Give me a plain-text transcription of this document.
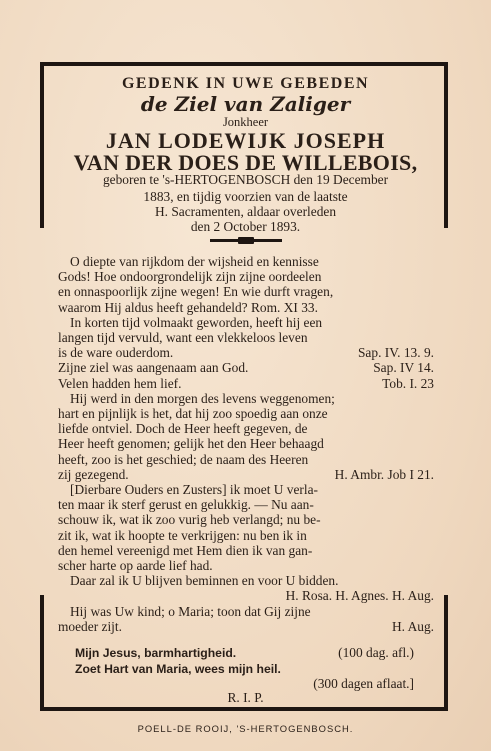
GEDENK IN UWE GEBEDEN
de Ziel van Zaliger
Jonkheer
JAN LODEWIJK JOSEPH
VAN DER DOES DE WILLEBOIS,
geboren te 's-HERTOGENBOSCH den 19 December
1883, en tijdig voorzien van de laatste
H. Sacramenten, aldaar overleden
den 2 October 1893.
O diepte van rijkdom der wijsheid en kennisse
Gods! Hoe ondoorgrondelijk zijn zijne oordeelen
en onnaspoorlijk zijne wegen! En wie durft vragen,
waarom Hij aldus heeft gehandeld? Rom. XI 33.
In korten tijd volmaakt geworden, heeft hij een
langen tijd vervuld, want een vlekkeloos leven
is de ware ouderdom.	Sap. IV. 13. 9.
Zijne ziel was aangenaam aan God.	Sap. IV 14.
Velen hadden hem lief.	Tob. I. 23
Hij werd in den morgen des levens weggenomen;
hart en pijnlijk is het, dat hij zoo spoedig aan onze
liefde ontviel. Doch de Heer heeft gegeven, de
Heer heeft genomen; gelijk het den Heer behaagd
heeft, zoo is het geschied; de naam des Heeren
zij gezegend.	H. Ambr. Job I 21.
[Dierbare Ouders en Zusters] ik moet U verla-
ten maar ik sterf gerust en gelukkig. — Nu aan-
schouw ik, wat ik zoo vurig heb verlangd; nu be-
zit ik, wat ik hoopte te verkrijgen: nu ben ik in
den hemel vereenigd met Hem dien ik van gan-
scher harte op aarde lief had.
Daar zal ik U blijven beminnen en voor U bidden.
H. Rosa. H. Agnes. H. Aug.
Hij was Uw kind; o Maria; toon dat Gij zijne
moeder zijt.	H. Aug.
Mijn Jesus, barmhartigheid.	(100 dag. afl.)
Zoet Hart van Maria, wees mijn heil.
(300 dagen aflaat.]
R. I. P.
POELL-DE ROOIJ, 'S-HERTOGENBOSCH.
